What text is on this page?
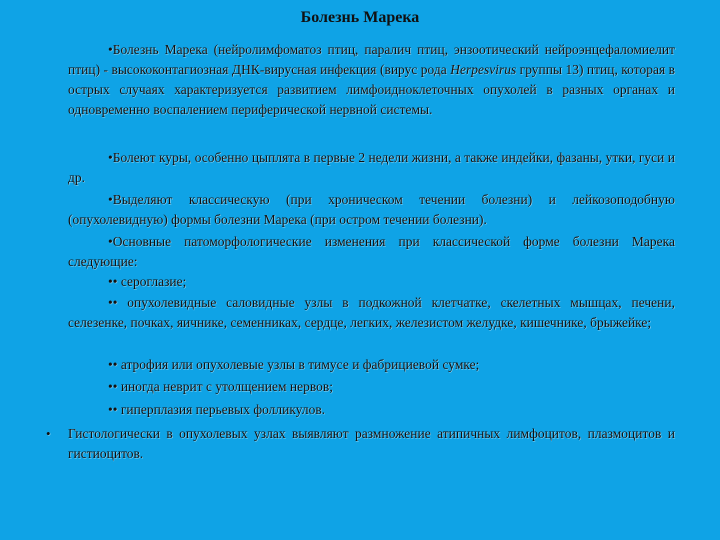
Болезнь Марека
•Болезнь Марека (нейролимфоматоз птиц, паралич птиц, энзоотический нейроэнцефаломиелит птиц) - высококонтагиозная ДНК-вирусная инфекция (вирус рода Herpesvirus группы 13) птиц, которая в острых случаях характеризуется развитием лимфоидноклеточных опухолей в разных органах и одновременно воспалением периферической нервной системы.
•Болеют куры, особенно цыплята в первые 2 недели жизни, а также индейки, фазаны, утки, гуси и др.
•Выделяют классическую (при хроническом течении болезни) и лейкозоподобную (опухолевидную) формы болезни Марека (при остром течении болезни).
•Основные патоморфологические изменения при классической форме болезни Марека следующие:
•• сероглазие;
•• опухолевидные саловидные узлы в подкожной клетчатке, скелетных мышцах, печени, селезенке, почках, яичнике, семенниках, сердце, легких, железистом желудке, кишечнике, брыжейке;
•• атрофия или опухолевые узлы в тимусе и фабрициевой сумке;
•• иногда неврит с утолщением нервов;
•• гиперплазия перьевых фолликулов.
• Гистологически в опухолевых узлах выявляют размножение атипичных лимфоцитов, плазмоцитов и гистиоцитов.
